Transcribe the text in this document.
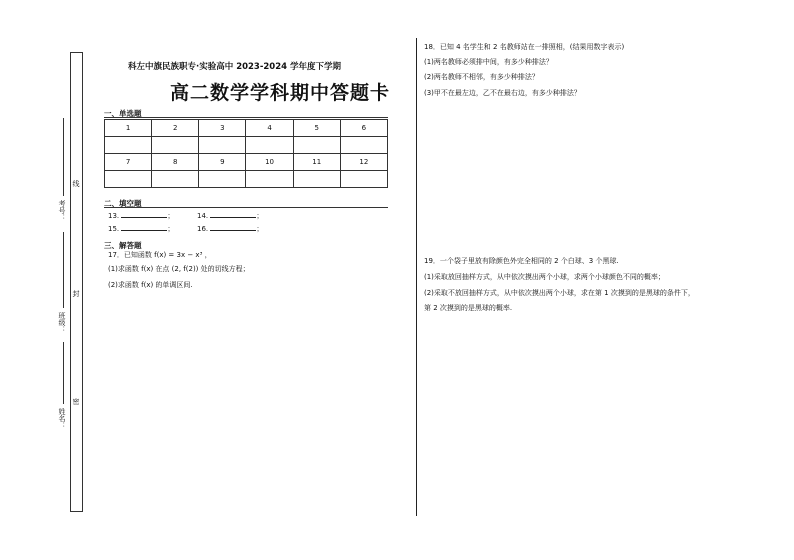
考号：
班级：
姓名：
线
封
密
科左中旗民族职专·实验高中 2023-2024 学年度下学期
高二数学学科期中答题卡
一、单选题
1	2	3	4	5	6

7	8	9	10	11	12

二、填空题
13.	；	14.	；
15.	；	16.	；
三、解答题
17．已知函数 f(x) = 3x − x³ ，
(1)求函数 f(x) 在点 (2, f(2)) 处的切线方程；
(2)求函数 f(x) 的单调区间.
18．已知 4 名学生和 2 名教师站在一排照相，(结果用数字表示)
(1)两名教师必须排中间，有多少种排法？
(2)两名教师不相邻，有多少种排法？
(3)甲不在最左边，乙不在最右边，有多少种排法？
19．一个袋子里放有除颜色外完全相同的 2 个白球、3 个黑球.
(1)采取放回抽样方式，从中依次摸出两个小球，求两个小球颜色不同的概率；
(2)采取不放回抽样方式，从中依次摸出两个小球，求在第 1 次摸到的是黑球的条件下，
第 2 次摸到的是黑球的概率.
